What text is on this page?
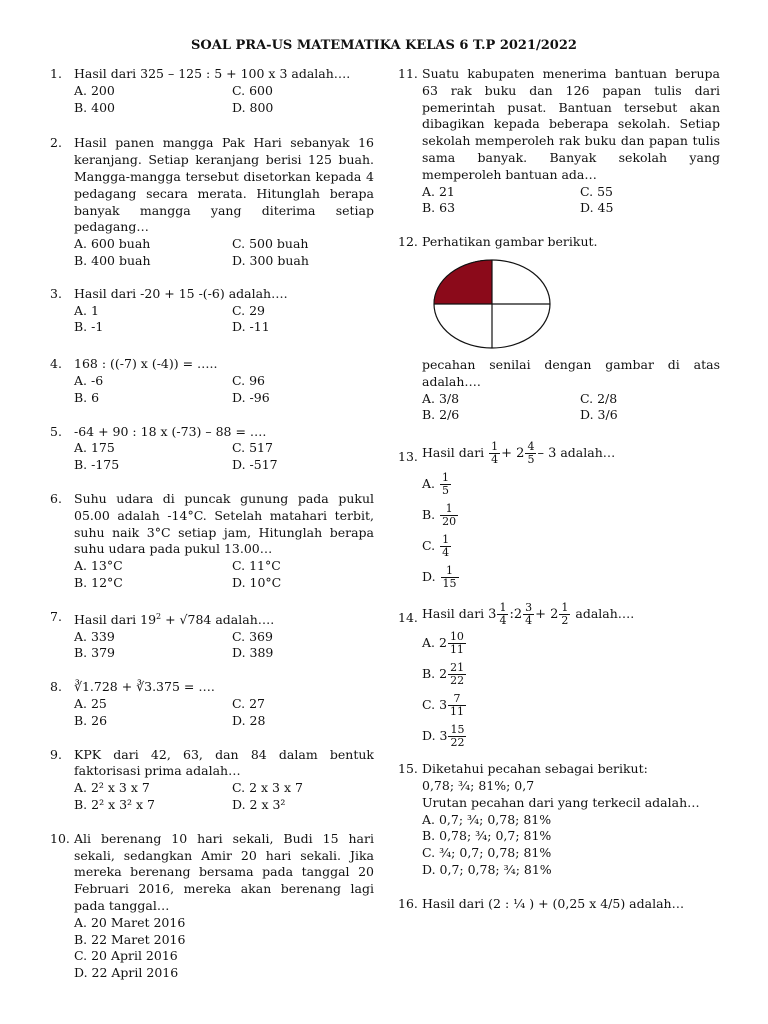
SOAL PRA-US MATEMATIKA KELAS 6 T.P 2021/2022
1. Hasil dari 325 – 125 : 5 + 100 x 3 adalah….
A. 200	C. 600
B. 400	D. 800
2. Hasil panen mangga Pak Hari sebanyak 16 keranjang. Setiap keranjang berisi 125 buah. Mangga-mangga tersebut disetorkan kepada 4 pedagang secara merata. Hitunglah berapa banyak mangga yang diterima setiap pedagang…
A. 600 buah	C. 500 buah
B. 400 buah	D. 300 buah
3. Hasil dari -20 + 15 -(-6) adalah….
A. 1	C. 29
B. -1	D. -11
4. 168 : ((-7) x (-4)) = …..
A. -6	C. 96
B. 6	D. -96
5. -64 + 90 : 18 x (-73) – 88 = ….
A. 175	C. 517
B. -175	D. -517
6. Suhu udara di puncak gunung pada pukul 05.00 adalah -14°C. Setelah matahari terbit, suhu naik 3°C setiap jam, Hitunglah berapa suhu udara pada pukul 13.00…
A. 13°C	C. 11°C
B. 12°C	D. 10°C
7. Hasil dari $19^2 + √784$ adalah….
A. 339	C. 369
B. 379	D. 389
8. ∛1.728 + ∛3.375 = ….
A. 25	C. 27
B. 26	D. 28
9. KPK dari 42, 63, dan 84 dalam bentuk faktorisasi prima adalah…
A. 2² x 3 x 7	C. 2 x 3 x 7
B. 2² x 3² x 7	D. 2 x 3²
10. Ali berenang 10 hari sekali, Budi 15 hari sekali, sedangkan Amir 20 hari sekali. Jika mereka berenang bersama pada tanggal 20 Februari 2016, mereka akan berenang lagi pada tanggal…
A. 20 Maret 2016
B. 22 Maret 2016
C. 20 April 2016
D. 22 April 2016
11. Suatu kabupaten menerima bantuan berupa 63 rak buku dan 126 papan tulis dari pemerintah pusat. Bantuan tersebut akan dibagikan kepada beberapa sekolah. Setiap sekolah memperoleh rak buku dan papan tulis sama banyak. Banyak sekolah yang memperoleh bantuan ada…
A. 21	C. 55
B. 63	D. 45
12. Perhatikan gambar berikut.
pecahan senilai dengan gambar di atas adalah….
A. 3/8	C. 2/8
B. 2/6	D. 3/6
13. Hasil dari $\frac{1}{4} + 2 \frac{4}{5} - 3$ adalah…
A. $\frac{1}{5}$
B. $\frac{1}{20}$
C. $\frac{1}{4}$
D. $\frac{1}{15}$
14. Hasil dari $3 \frac{1}{4}$ :2 $\frac{3}{4} + 2 \frac{1}{2}$ adalah….
A. $2 \frac{10}{11}$
B. $2 \frac{21}{22}$
C. $3 \frac{7}{11}$
D. $3 \frac{15}{22}$
15. Diketahui pecahan sebagai berikut:
0,78; ¾; 81%; 0,7
Urutan pecahan dari yang terkecil adalah…
A. 0,7; ¾; 0,78; 81%
B. 0,78; ¾; 0,7; 81%
C. ¾; 0,7; 0,78; 81%
D. 0,7; 0,78; ¾; 81%
16. Hasil dari (2 : ¼ ) + (0,25 x 4/5) adalah…
